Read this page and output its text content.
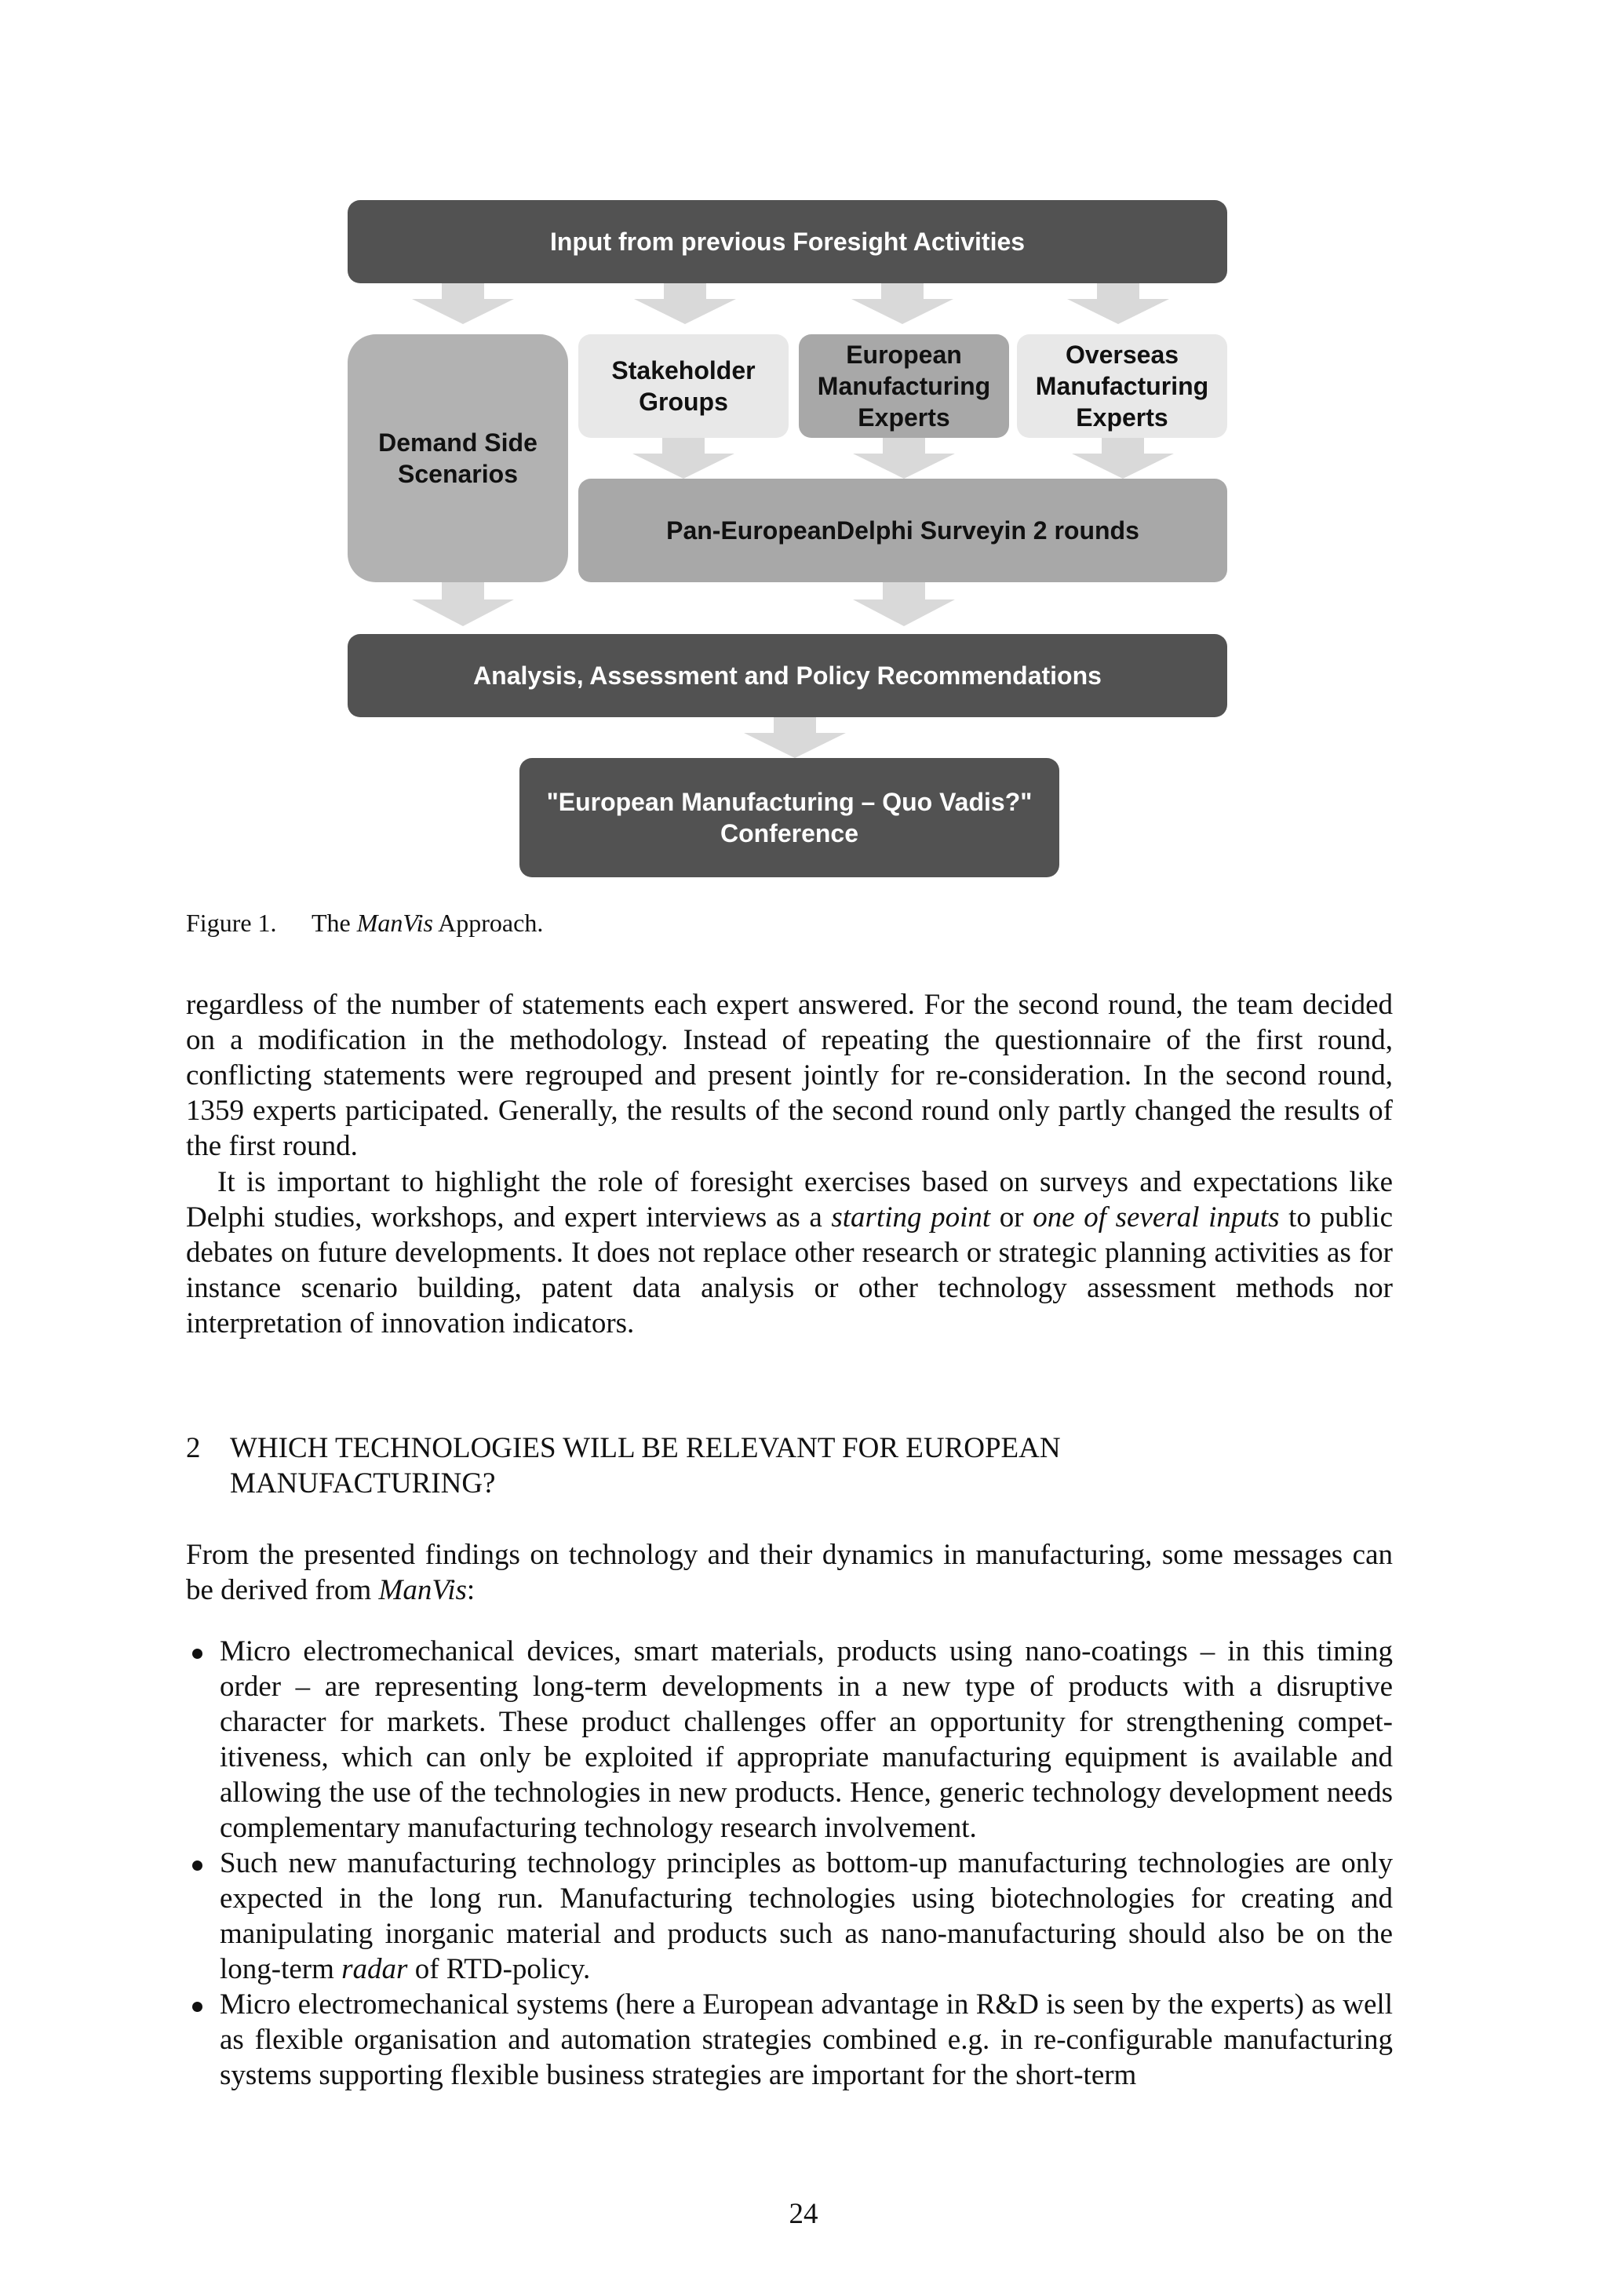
Input from previous Foresight Activities
Demand Side
Scenarios
Stakeholder
Groups
European
Manufacturing
Experts
Overseas
Manufacturing
Experts
Pan-EuropeanDelphi Surveyin 2 rounds
Analysis, Assessment and Policy Recommendations
"European Manufacturing – Quo Vadis?"
Conference
Figure 1. The ManVis Approach.

regardless of the number of statements each expert answered. For the second round, the team decided on a modification in the methodology. Instead of repeating the questionnaire of the first round, conflicting statements were regrouped and present jointly for re-consideration. In the second round, 1359 experts participated. Generally, the results of the second round only partly changed the results of the first round.

It is important to highlight the role of foresight exercises based on surveys and expectations like Delphi studies, workshops, and expert interviews as a starting point or one of several inputs to public debates on future developments. It does not replace other research or strategic planning activities as for instance scenario building, patent data analysis or other technology assessment methods nor interpretation of innovation indicators.

2 WHICH TECHNOLOGIES WILL BE RELEVANT FOR EUROPEAN MANUFACTURING?

From the presented findings on technology and their dynamics in manufacturing, some messages can be derived from ManVis:

Micro electromechanical devices, smart materials, products using nano-coatings – in this timing order – are representing long-term developments in a new type of products with a disruptive character for markets. These product challenges offer an opportunity for strengthening compet-itiveness, which can only be exploited if appropriate manufacturing equipment is available and allowing the use of the technologies in new products. Hence, generic technology development needs complementary manufacturing technology research involvement.
Such new manufacturing technology principles as bottom-up manufacturing technologies are only expected in the long run. Manufacturing technologies using biotechnologies for creating and manipulating inorganic material and products such as nano-manufacturing should also be on the long-term radar of RTD-policy.
Micro electromechanical systems (here a European advantage in R&D is seen by the experts) as well as flexible organisation and automation strategies combined e.g. in re-configurable manufacturing systems supporting flexible business strategies are important for the short-term
24
